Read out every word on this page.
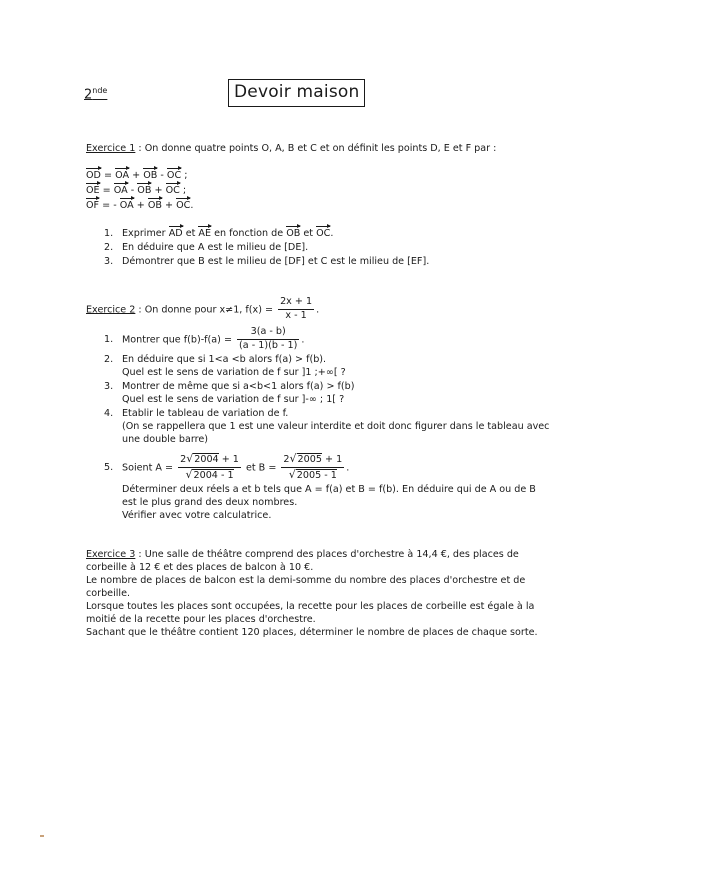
2nde	Devoir maison
Exercice 1 : On donne quatre points O, A, B et C et on définit les points D, E et F par :
OD = OA + OB - OC ;
OE = OA - OB + OC ;
OF = - OA + OB + OC.
1. Exprimer AD et AE en fonction de OB et OC.
2. En déduire que A est le milieu de [DE].
3. Démontrer que B est le milieu de [DF] et C est le milieu de [EF].
Exercice 2 : On donne pour x≠1, $f(x) = \frac{2x + 1}{x - 1}$ .
1. Montrer que $f(b)-f(a) = \frac{3(a - b)}{(a - 1)(b - 1)}$ .
2. En déduire que si 1<a <b alors f(a) > f(b).
Quel est le sens de variation de f sur ]1 ;+∞[ ?
3. Montrer de même que si a<b<1 alors f(a) > f(b)
Quel est le sens de variation de f sur ]-∞ ; 1[ ?
4. Etablir le tableau de variation de f.
(On se rappellera que 1 est une valeur interdite et doit donc figurer dans le tableau avec
une double barre)
5. Soient $A = \frac{2√2004 + 1}{√2004 - 1}$ et $B = \frac{2√2005 + 1}{√2005 - 1}$ .
Déterminer deux réels a et b tels que A = f(a) et B = f(b). En déduire qui de A ou de B
est le plus grand des deux nombres.
Vérifier avec votre calculatrice.
Exercice 3 : Une salle de théâtre comprend des places d'orchestre à 14,4 €, des places de
corbeille à 12 € et des places de balcon à 10 €.
Le nombre de places de balcon est la demi-somme du nombre des places d'orchestre et de
corbeille.
Lorsque toutes les places sont occupées, la recette pour les places de corbeille est égale à la
moitié de la recette pour les places d'orchestre.
Sachant que le théâtre contient 120 places, déterminer le nombre de places de chaque sorte.
